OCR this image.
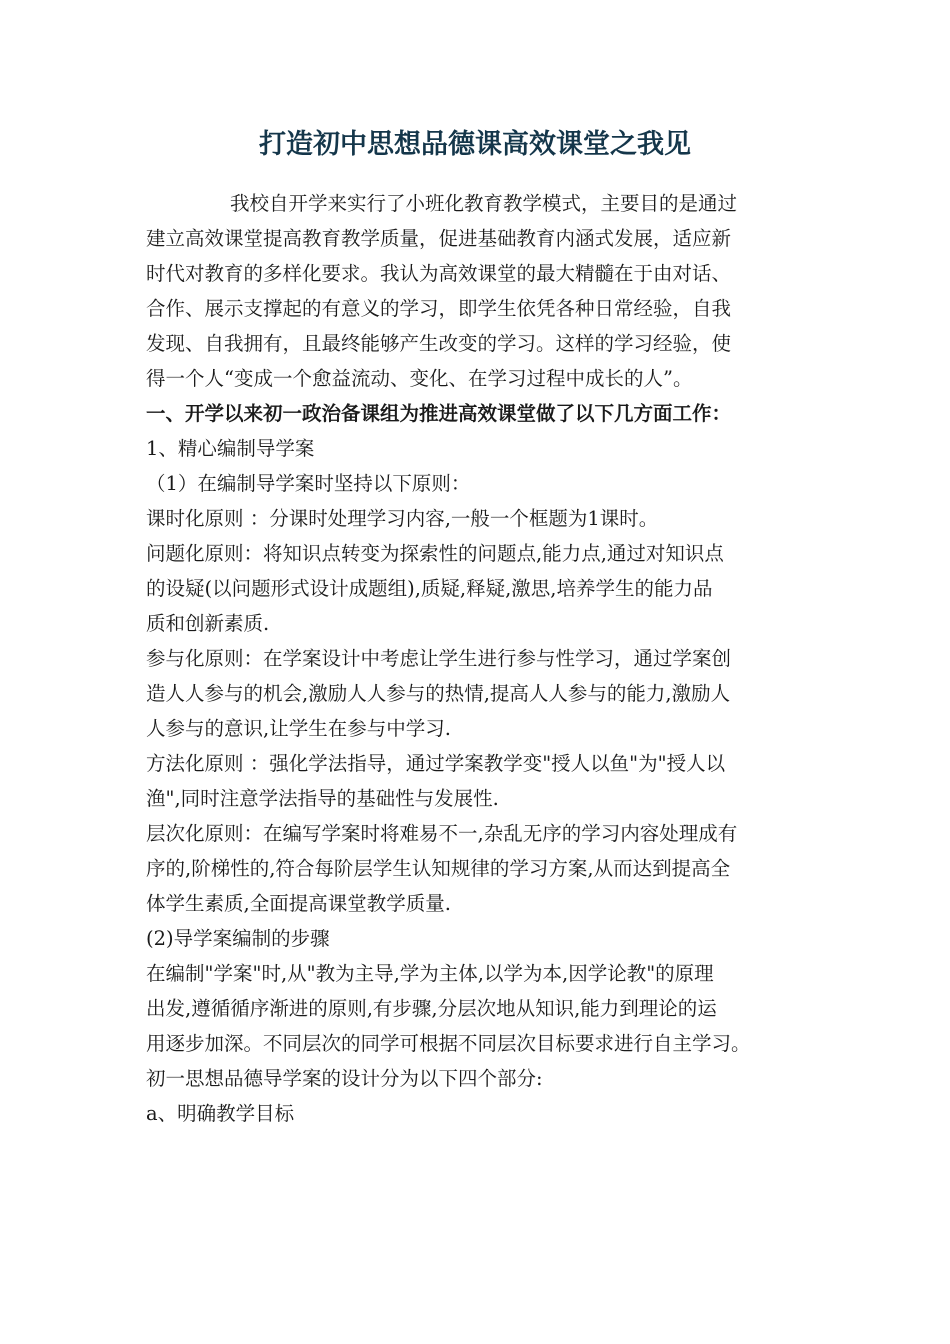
打造初中思想品德课高效课堂之我见
我校自开学来实行了小班化教育教学模式，主要目的是通过
建立高效课堂提高教育教学质量，促进基础教育内涵式发展，适应新
时代对教育的多样化要求。我认为高效课堂的最大精髓在于由对话、
合作、展示支撑起的有意义的学习，即学生依凭各种日常经验，自我
发现、自我拥有，且最终能够产生改变的学习。这样的学习经验，使
得一个人“变成一个愈益流动、变化、在学习过程中成长的人”。
一、开学以来初一政治备课组为推进高效课堂做了以下几方面工作：
1、精心编制导学案
（1）在编制导学案时坚持以下原则：
课时化原则 ：分课时处理学习内容,一般一个框题为1课时。
问题化原则：将知识点转变为探索性的问题点,能力点,通过对知识点
的设疑(以问题形式设计成题组),质疑,释疑,激思,培养学生的能力品
质和创新素质.
参与化原则：在学案设计中考虑让学生进行参与性学习，通过学案创
造人人参与的机会,激励人人参与的热情,提高人人参与的能力,激励人
人参与的意识,让学生在参与中学习.
方法化原则 ：强化学法指导，通过学案教学变"授人以鱼"为"授人以
渔",同时注意学法指导的基础性与发展性.
层次化原则：在编写学案时将难易不一,杂乱无序的学习内容处理成有
序的,阶梯性的,符合每阶层学生认知规律的学习方案,从而达到提高全
体学生素质,全面提高课堂教学质量.
(2)导学案编制的步骤
在编制"学案"时,从"教为主导,学为主体,以学为本,因学论教"的原理
出发,遵循循序渐进的原则,有步骤,分层次地从知识,能力到理论的运
用逐步加深。不同层次的同学可根据不同层次目标要求进行自主学习。
初一思想品德导学案的设计分为以下四个部分:
a、明确教学目标
